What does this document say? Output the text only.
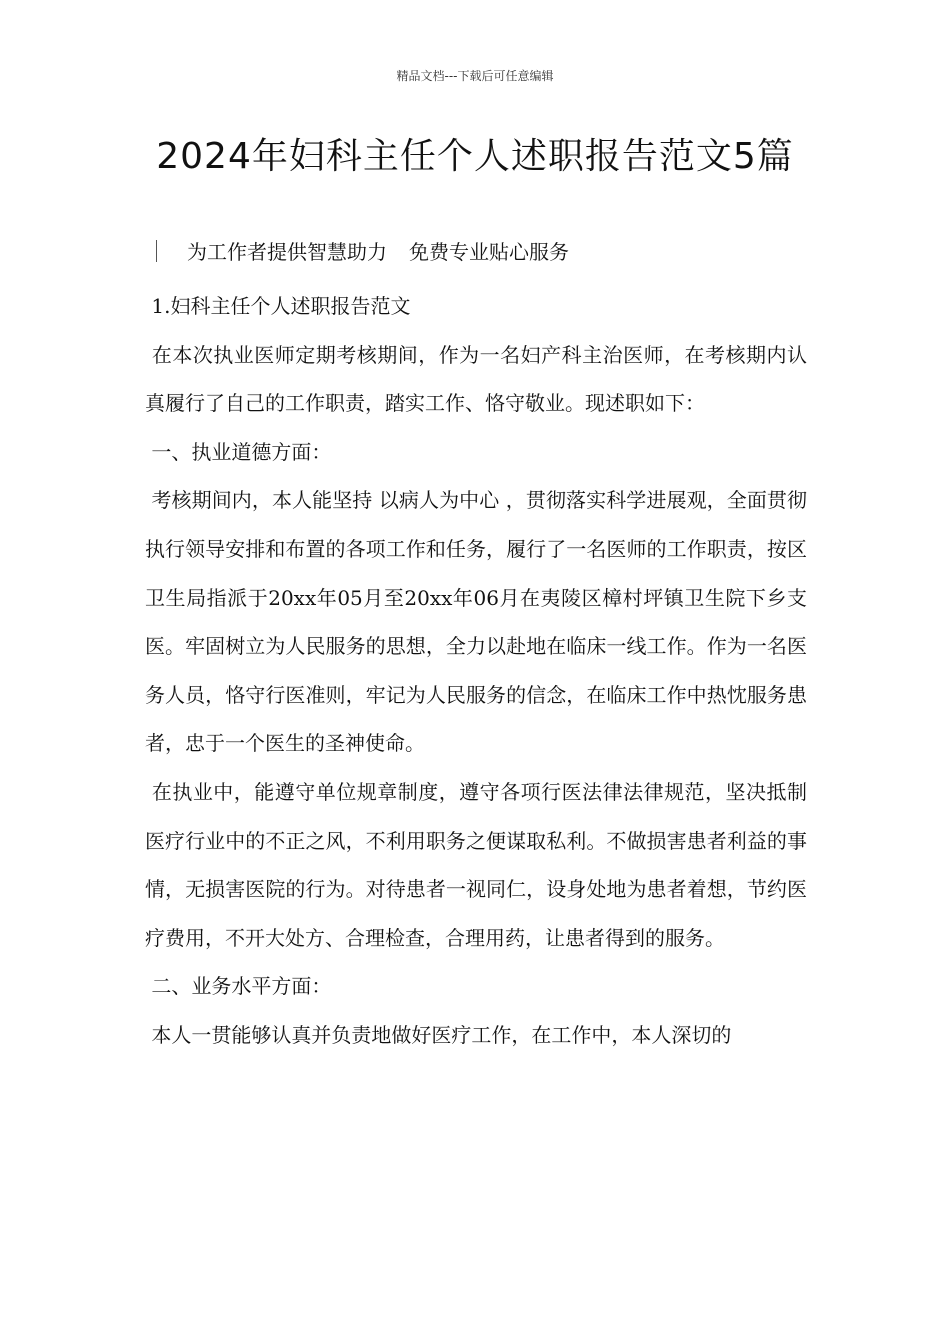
精品文档---下载后可任意编辑
2024年妇科主任个人述职报告范文5篇
为工作者提供智慧助力 免费专业贴心服务

1.妇科主任个人述职报告范文

在本次执业医师定期考核期间，作为一名妇产科主治医师，在考核期内认真履行了自己的工作职责，踏实工作、恪守敬业。现述职如下：

一、执业道德方面：

考核期间内，本人能坚持 以病人为中心 ，贯彻落实科学进展观，全面贯彻执行领导安排和布置的各项工作和任务，履行了一名医师的工作职责，按区卫生局指派于20xx年05月至20xx年06月在夷陵区樟村坪镇卫生院下乡支医。牢固树立为人民服务的思想，全力以赴地在临床一线工作。作为一名医务人员，恪守行医准则，牢记为人民服务的信念，在临床工作中热忱服务患者，忠于一个医生的圣神使命。

在执业中，能遵守单位规章制度，遵守各项行医法律法律规范，坚决抵制医疗行业中的不正之风，不利用职务之便谋取私利。不做损害患者利益的事情，无损害医院的行为。对待患者一视同仁，设身处地为患者着想，节约医疗费用，不开大处方、合理检查，合理用药，让患者得到的服务。

二、业务水平方面：

本人一贯能够认真并负责地做好医疗工作，在工作中，本人深切的
